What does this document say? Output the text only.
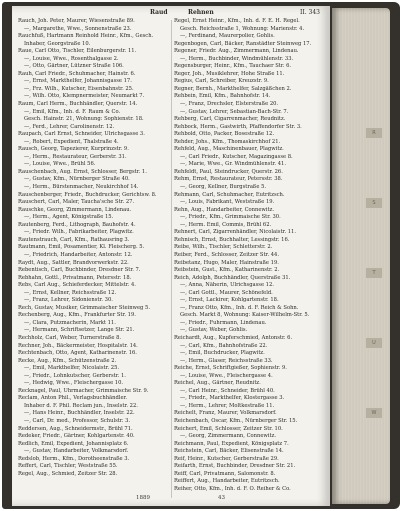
Raud	Rehnen	II. 343
Rauch, Joh. Peter, Maurer, Wiesenstraße 89.
—, Margarethe, Wwe., Sonnenstraße 23.
Rauchfuß, Hartmann Reinhold Heinr., Kfm., Gesch.
Inhaber, Georgstraße 10.
Raue, Carl Otto, Tischler, Eilenburgerstr. 11.
—, Louise, Wwe., Rosenthalgasse 2.
—, Otto, Gärtner, Lützner Straße 106.
Rauh, Carl Friedr., Schuhmacher, Hainstr. 6.
—, Ernst, Markthelfer, Johannisgasse 17.
—, Frz. Wilh., Kutscher, Eisenbahnstr. 25.
—, Wilh. Otto, Klempnermeister, Neumarkt 7.
Raum, Carl Herm., Buchhändler, Querstr. 14.
—, Emil, Kfm., Inh. d. F. Raum & Co.
Gesch. Hainstr. 21, Wohnung: Sophienstr. 18.
—, Ferd., Lehrer, Carolinenstr. 12.
Raupach, Carl Ernst, Schneider, Ulrichsgasse 3.
—, Robert, Expedient, Thalstraße 4.
Rausch, Georg, Tapezierer, Kurprinzstr. 9.
—, Herm., Restaurateur, Gerberstr. 31.
—, Louise, Wwe., Brühl 56.
Rauschenbach, Aug. Ernst, Schlosser, Bergstr. 1.
—, Gustav, Kfm., Nürnberger Straße 40.
—, Herm., Bürstenmacher, Neukirchhof 14.
Rauschenberger, Friedr., Buchdrucker, Gerichtsw. 8.
Rauschert, Carl, Maler, Taucha'sche Str. 27.
Rauschke, Georg, Zimmermann, Lindenau.
—, Herm., Agent, Königstraße 15.
Rautenberg, Ferd., Lithograph, Bauhofstr. 4.
—, Friedr. Wilh., Fabrikarbeiter, Plagwitz.
Rautenstrauch, Carl, Kfm., Rathausring 3.
Rautmann, Emil, Posamentier, Kl. Fleischerg. 5.
—, Friedrich, Handarbeiter, Antonstr. 12.
Raydt, Aug., Sattler, Brandvorwerkstr. 22.
Rebentisch, Carl, Buchbinder, Dresdner Str. 7.
Rebhahn, Gottl., Privatmann, Petersstr. 18.
Rebs, Carl Aug., Schieferdecker, Mittelstr. 4.
—, Ernst, Kellner, Reichsstraße 12.
—, Franz, Lehrer, Sidonienstr. 30.
Rech, Gustav, Musiker, Grimmaischer Steinweg 5.
Rechenberg, Aug., Kfm., Frankfurter Str. 19.
—, Clara, Putzmacherin, Markt 11.
—, Hermann, Schriftsetzer, Lange Str. 21.
Rechholz, Carl, Weber, Turnerstraße 8.
Rechner, Joh., Bäckermeister, Hospitalstr. 14.
Rechtenbach, Otto, Agent, Katharinenstr. 16.
Recke, Aug., Kfm., Schützenstraße 2.
—, Emil, Markthelfer, Nicolaistr. 25.
—, Friedr., Lohnkutscher, Gerberstr. 1.
—, Hedwig, Wwe., Fleischergasse 10.
Recknagel, Paul, Uhrmacher, Grimmaische Str. 9.
Reclam, Anton Phil., Verlagsbuchhändler.
Inhaber d. F. Phil. Reclam jun., Inselstr. 22.
—, Hans Heinr., Buchhändler, Inselstr. 22.
—, Carl, Dr. med., Professor, Schulstr. 3.
Reddersen, Aug., Schneidermstr., Brühl 71.
Redeker, Friedr., Gärtner, Kohlgartenstr. 40.
Redlich, Emil, Expedient, Johannisplatz 6.
—, Gustav, Handarbeiter, Volkmarsdorf.
Redslob, Herm., Kfm., Dorotheenstraße 3.
Reffert, Carl, Tischler, Weststraße 55.
Regel, Aug., Schmied, Zeitzer Str. 28.
Regel, Ernst Heinr., Kfm., Inh. d. F. E. H. Regel.
Gesch. Reichsstraße 1, Wohnung: Marienstr. 4.
—, Ferdinand, Maurerpolier, Gohlis.
Regenbogen, Carl, Bäcker, Ranstädter Steinweg 17.
Regener, Friedr. Aug., Zimmermann, Lindenau.
—, Herm., Buchbinder, Windmühlenstr. 33.
Regensburger, Heinr., Kfm., Tauchaer Str. 6.
Reger, Joh., Musiklehrer, Hohe Straße 11.
Regius, Carl, Schreiber, Kreuzstr. 9.
Regner, Bernh., Markthelfer, Salzgäßchen 2.
Rehbein, Emil, Kfm., Bahnhofstr. 14.
—, Franz, Drechsler, Elsterstraße 20.
—, Gustav, Lehrer, Sebastian-Bach-Str. 7.
Rehberg, Carl, Cigarrenmacher, Reudnitz.
Rehbock, Herm., Gastwirth, Pfaffendorfer Str. 3.
Rehbold, Otto, Packer, Bosestraße 12.
Rehder, Johs., Kfm., Thomaskirchhof 21.
Rehfeld, Aug., Maschinenbauer, Plagwitz.
—, Carl Friedr., Kutscher, Magazingasse 8.
—, Marie, Wwe., Gr. Windmühlenstr. 41.
Rehfeldt, Paul, Steindrucker, Querstr. 26.
Rehm, Ernst, Restaurateur, Petersstr. 38.
—, Georg, Kellner, Burgstraße 5.
Rehmann, Carl, Schuhmacher, Eutritzsch.
—, Louis, Fabrikant, Weststraße 19.
Rehn, Aug., Handarbeiter, Connewitz.
—, Friedr., Kfm., Grimmaische Str. 30.
—, Herm. Emil, Commis, Brühl 62.
Rehnert, Carl, Zigarrenhändler, Nicolaistr. 11.
Rehnisch, Ernst, Buchhalter, Lessingstr. 16.
Reibe, Wilh., Tischler, Schletterstr. 2.
Reiber, Ferd., Schlosser, Zeitzer Str. 44.
Reibetanz, Hugo, Maler, Hainstraße 19.
Reibstein, Gust., Kfm., Katharinenstr. 2.
Reich, Adolph, Buchhändler, Querstraße 31.
—, Anna, Näherin, Ulrichsgasse 12.
—, Carl Gottl., Maurer, Schönefeld.
—, Ernst, Lackirer, Kohlgartenstr. 18.
—, Franz Otto, Kfm., Inh. d. F. Reich & Sohn.
Gesch. Markt 8, Wohnung: Kaiser-Wilhelm-Str. 5.
—, Friedr., Fuhrmann, Lindenau.
—, Gustav, Weber, Gohlis.
Reichardt, Aug., Kupferschmied, Antonstr. 6.
—, Carl, Kfm., Bahnhofstraße 22.
—, Emil, Buchdrucker, Plagwitz.
—, Herm., Glaser, Reichsstraße 33.
Reiche, Ernst, Schriftgießer, Sophienstr. 9.
—, Louise, Wwe., Fleischergasse 4.
Reichel, Aug., Gärtner, Reudnitz.
—, Carl Heinr., Schneider, Brühl 40.
—, Friedr., Markthelfer, Klostergasse 3.
—, Herm., Lehrer, Moltkestraße 11.
Reichelt, Franz, Maurer, Volkmarsdorf.
Reichenbach, Oscar, Kfm., Nürnberger Str. 15.
Reichert, Emil, Schlosser, Zeitzer Str. 10.
—, Georg, Zimmermann, Connewitz.
Reichmann, Paul, Expedient, Königsplatz 7.
Reichstein, Carl, Bäcker, Elisenstraße 14.
Reif, Heinr., Kutscher, Gerberstraße 29.
Reifarth, Ernst, Buchbinder, Dresdner Str. 21.
Reiff, Carl, Privatmann, Salomonstr. 8.
Reiffert, Aug., Handarbeiter, Eutritzsch.
Reiher, Otto, Kfm., Inh. d. F. O. Reiher & Co.
1889	43
R
S
T
U
W
